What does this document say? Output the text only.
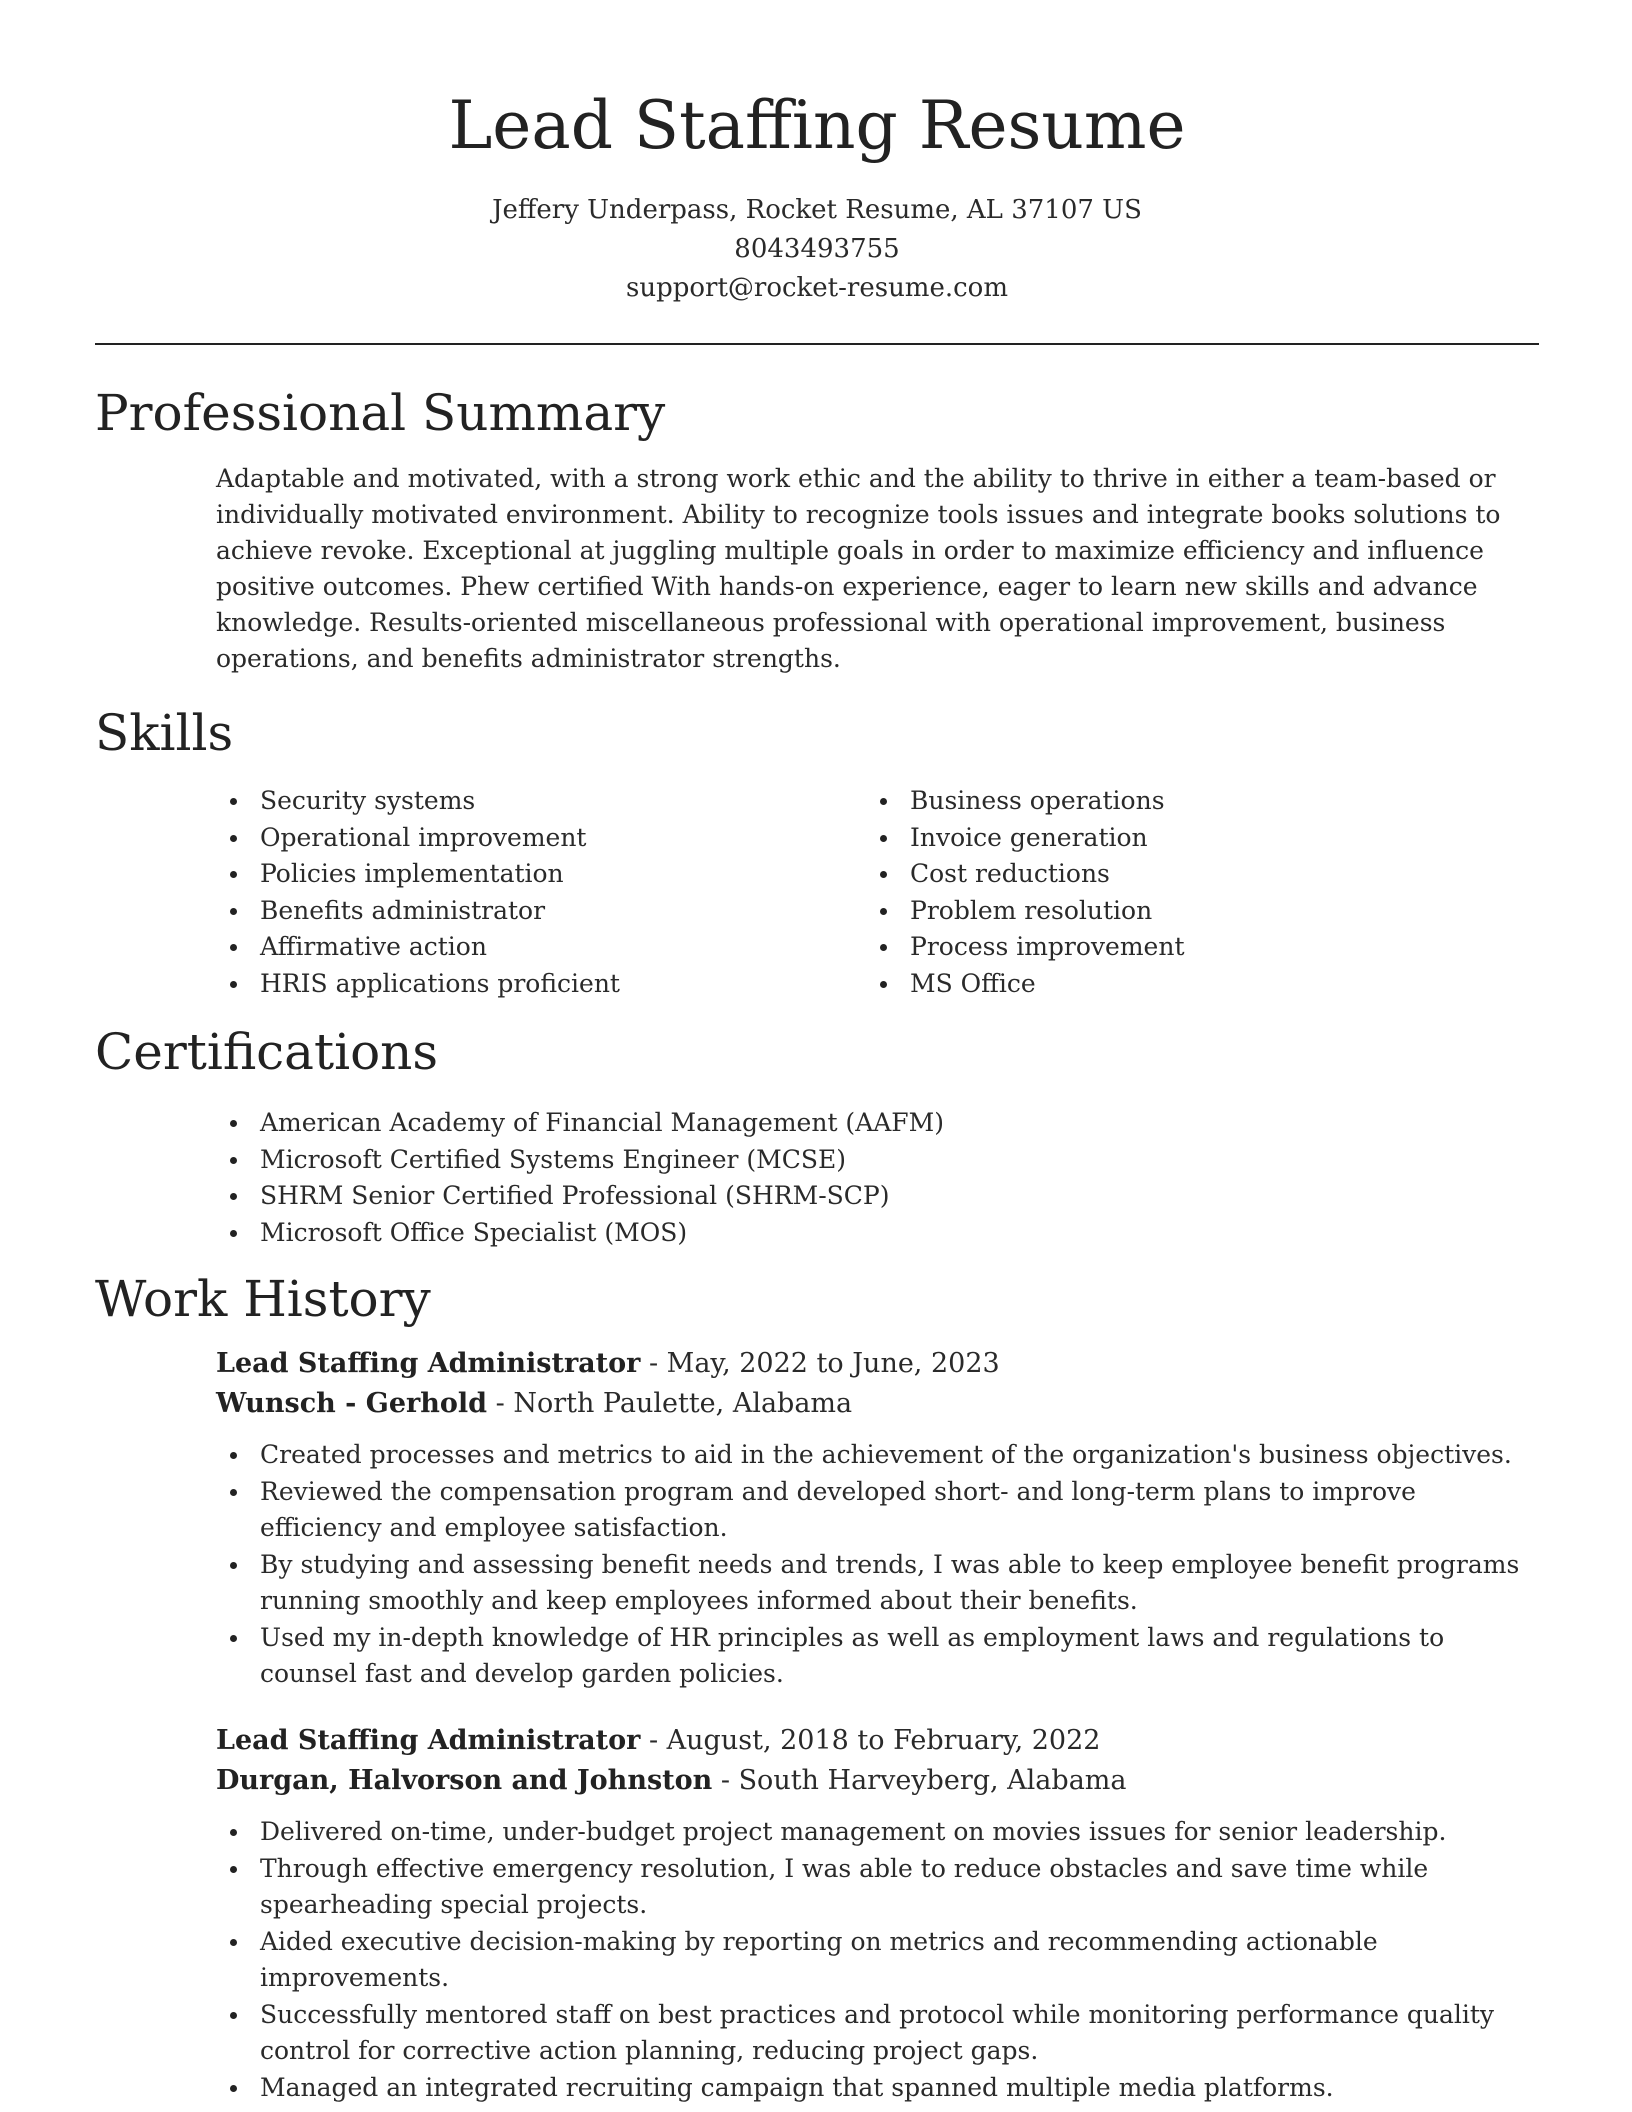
Lead Staffing Resume
Jeffery Underpass, Rocket Resume, AL 37107 US
8043493755
support@rocket-resume.com
Professional Summary

Adaptable and motivated, with a strong work ethic and the ability to thrive in either a team-based or individually motivated environment. Ability to recognize tools issues and integrate books solutions to achieve revoke. Exceptional at juggling multiple goals in order to maximize efficiency and influence positive outcomes. Phew certified With hands-on experience, eager to learn new skills and advance knowledge. Results-oriented miscellaneous professional with operational improvement, business operations, and benefits administrator strengths.

Skills
Security systems
Operational improvement
Policies implementation
Benefits administrator
Affirmative action
HRIS applications proficient
Business operations
Invoice generation
Cost reductions
Problem resolution
Process improvement
MS Office
Certifications
American Academy of Financial Management (AAFM)
Microsoft Certified Systems Engineer (MCSE)
SHRM Senior Certified Professional (SHRM-SCP)
Microsoft Office Specialist (MOS)
Work History
Lead Staffing Administrator - May, 2022 to June, 2023
Wunsch - Gerhold - North Paulette, Alabama
Created processes and metrics to aid in the achievement of the organization's business objectives.
Reviewed the compensation program and developed short- and long-term plans to improve efficiency and employee satisfaction.
By studying and assessing benefit needs and trends, I was able to keep employee benefit programs running smoothly and keep employees informed about their benefits.
Used my in-depth knowledge of HR principles as well as employment laws and regulations to counsel fast and develop garden policies.
Lead Staffing Administrator - August, 2018 to February, 2022
Durgan, Halvorson and Johnston - South Harveyberg, Alabama
Delivered on-time, under-budget project management on movies issues for senior leadership.
Through effective emergency resolution, I was able to reduce obstacles and save time while spearheading special projects.
Aided executive decision-making by reporting on metrics and recommending actionable improvements.
Successfully mentored staff on best practices and protocol while monitoring performance quality control for corrective action planning, reducing project gaps.
Managed an integrated recruiting campaign that spanned multiple media platforms.
